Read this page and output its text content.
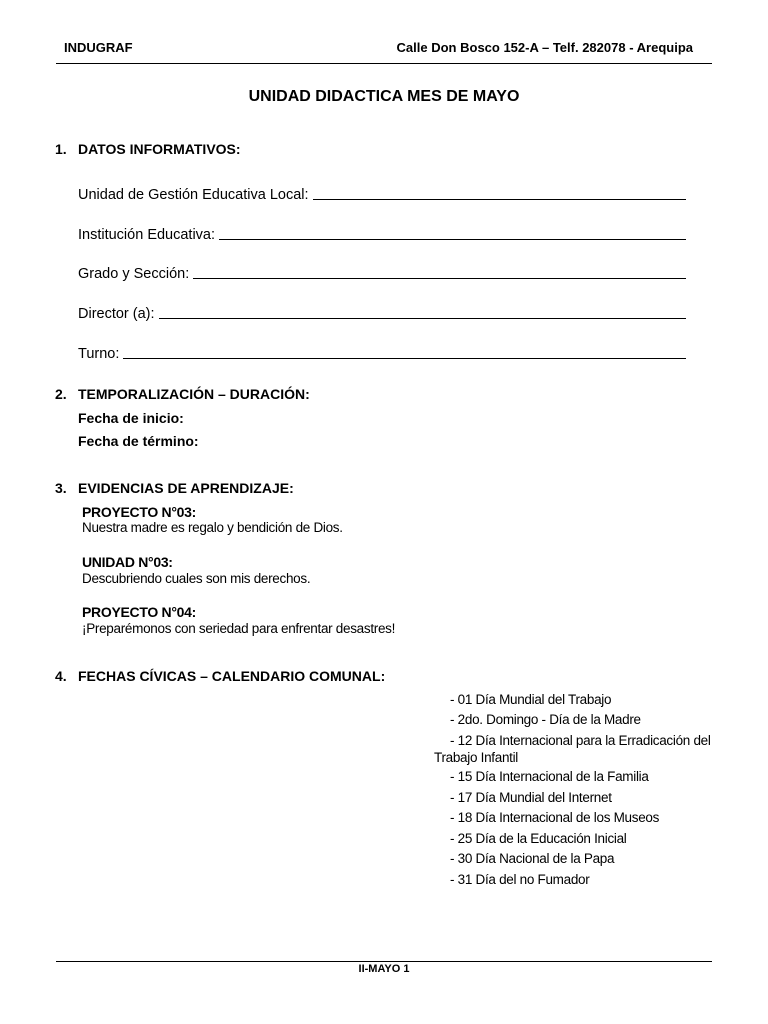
INDUGRAF	Calle Don Bosco 152-A – Telf. 282078 - Arequipa
UNIDAD DIDACTICA MES DE MAYO
1. DATOS INFORMATIVOS:
Unidad de Gestión Educativa Local:
Institución Educativa:
Grado y Sección:
Director (a):
Turno:
2. TEMPORALIZACIÓN – DURACIÓN:
Fecha de inicio:
Fecha de término:
3. EVIDENCIAS DE APRENDIZAJE:
PROYECTO N°03:
Nuestra madre es regalo y bendición de Dios.
UNIDAD N°03:
Descubriendo cuales son mis derechos.
PROYECTO N°04:
¡Preparémonos con seriedad para enfrentar desastres!
4. FECHAS CÍVICAS – CALENDARIO COMUNAL:
- 01 Día Mundial del Trabajo
- 2do. Domingo - Día de la Madre
- 12 Día Internacional para la Erradicación del
Trabajo Infantil
- 15 Día Internacional de la Familia
- 17 Día Mundial del Internet
- 18 Día Internacional de los Museos
- 25 Día de la Educación Inicial
- 30 Día Nacional de la Papa
- 31 Día del no Fumador
II-MAYO 1
